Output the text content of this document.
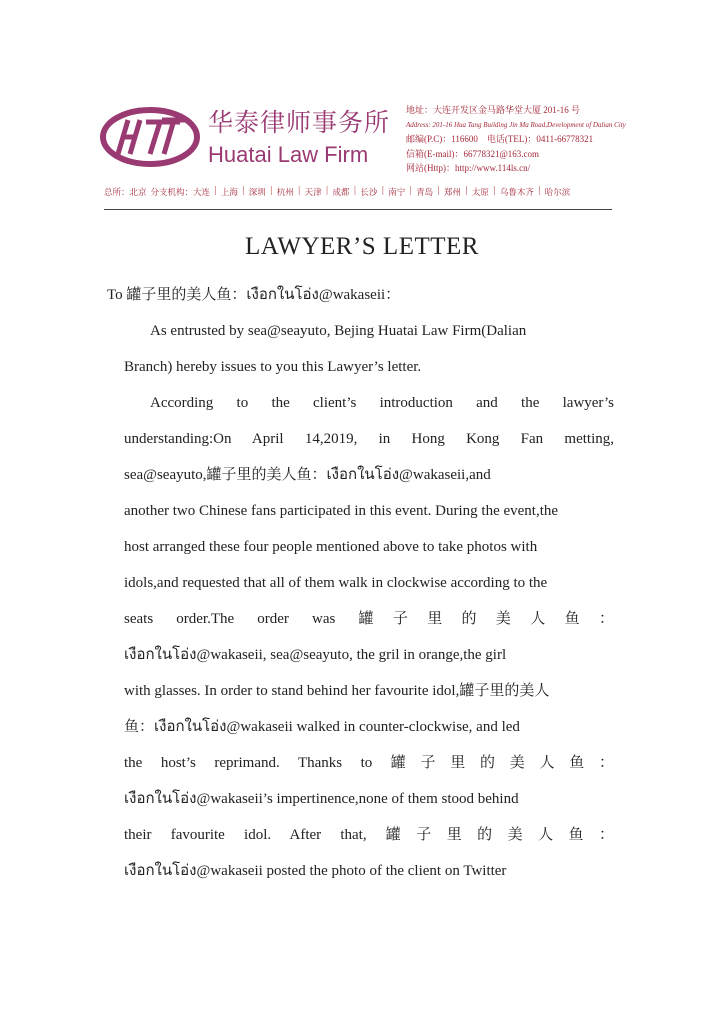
华泰律师事务所
Huatai Law Firm
地址：大连开发区金马路华堂大厦 201-16 号
Address: 201-16 Hua Tang Building Jin Ma Road,Development of Dalian City
邮编(P.C)：116600　电话(TEL)：0411-66778321
信箱(E-mail)：66778321@163.com
网站(Http)：http://www.114ls.cn/
总所：北京 分支机构：大连 | 上海 | 深圳 | 杭州 | 天津 | 成都 | 长沙 | 南宁 | 青岛 | 郑州 | 太原 | 乌鲁木齐 | 哈尔滨
LAWYER’S LETTER
To 罐子里的美人鱼：เงือกในโอ่ง@wakaseii：
As entrusted by sea@seayuto, Bejing Huatai Law Firm(Dalian
Branch) hereby issues to you this Lawyer’s letter.
According to the client’s introduction and the lawyer’s
understanding:On April 14,2019, in Hong Kong Fan metting,
sea@seayuto,罐子里的美人鱼：เงือกในโอ่ง@wakaseii,and
another two Chinese fans participated in this event. During the event,the
host arranged these four people mentioned above to take photos with
idols,and requested that all of them walk in clockwise according to the
seats order.The order was 罐子里的美人鱼：
เงือกในโอ่ง@wakaseii, sea@seayuto, the gril in orange,the girl
with glasses. In order to stand behind her favourite idol,罐子里的美人
鱼：เงือกในโอ่ง@wakaseii walked in counter-clockwise, and led
the host’s reprimand. Thanks to 罐子里的美人鱼：
เงือกในโอ่ง@wakaseii’s impertinence,none of them stood behind
their favourite idol. After that, 罐子里的美人鱼：
เงือกในโอ่ง@wakaseii posted the photo of the client on Twitter
